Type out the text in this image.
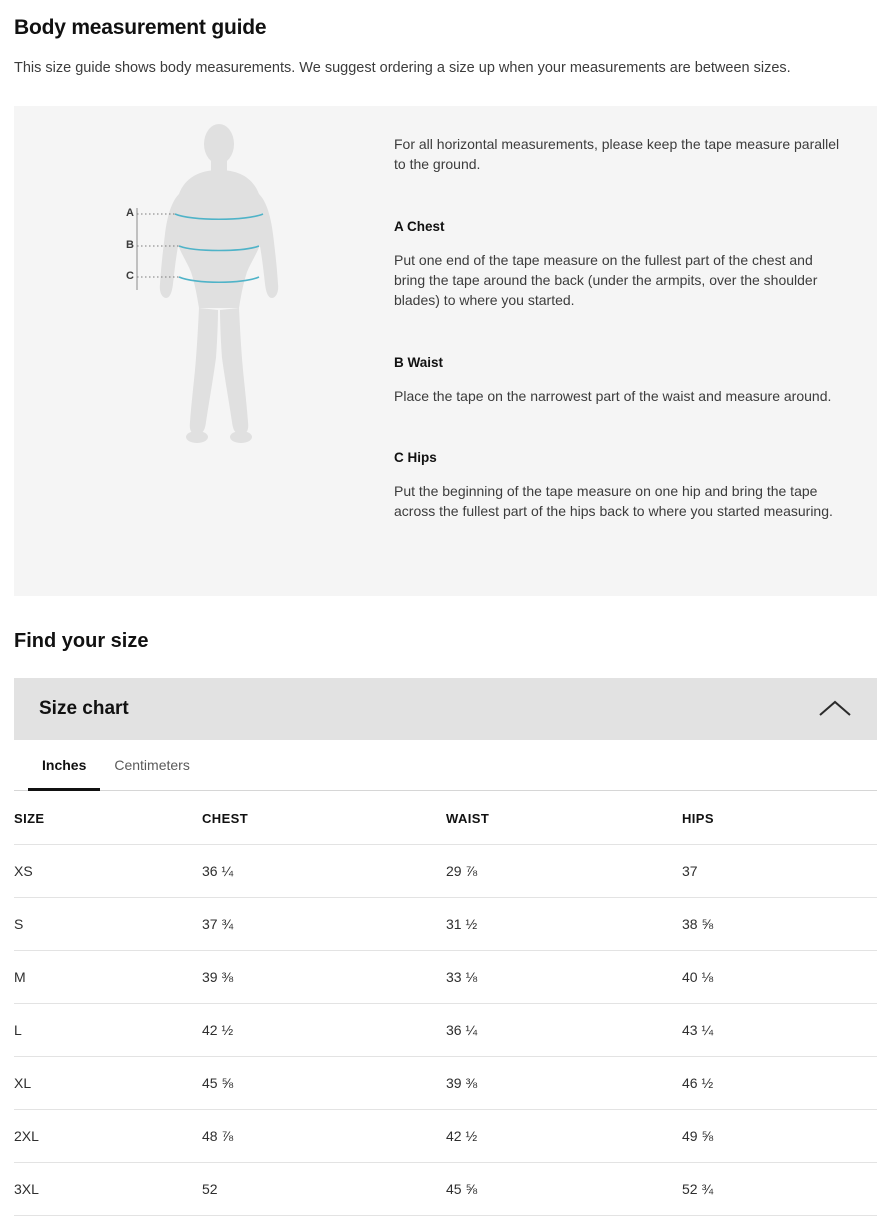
Body measurement guide

This size guide shows body measurements. We suggest ordering a size up when your measurements are between sizes.

A
B
C

For all horizontal measurements, please keep the tape measure parallel to the ground.

A Chest

Put one end of the tape measure on the fullest part of the chest and bring the tape around the back (under the armpits, over the shoulder blades) to where you started.

B Waist

Place the tape on the narrowest part of the waist and measure around.

C Hips

Put the beginning of the tape measure on one hip and bring the tape across the fullest part of the hips back to where you started measuring.

Find your size
Size chart
Inches	Centimeters
SIZE	CHEST	WAIST	HIPS
XS	36 ¼	29 ⅞	37
S	37 ¾	31 ½	38 ⅝
M	39 ⅜	33 ⅛	40 ⅛
L	42 ½	36 ¼	43 ¼
XL	45 ⅝	39 ⅜	46 ½
2XL	48 ⅞	42 ½	49 ⅝
3XL	52	45 ⅝	52 ¾
